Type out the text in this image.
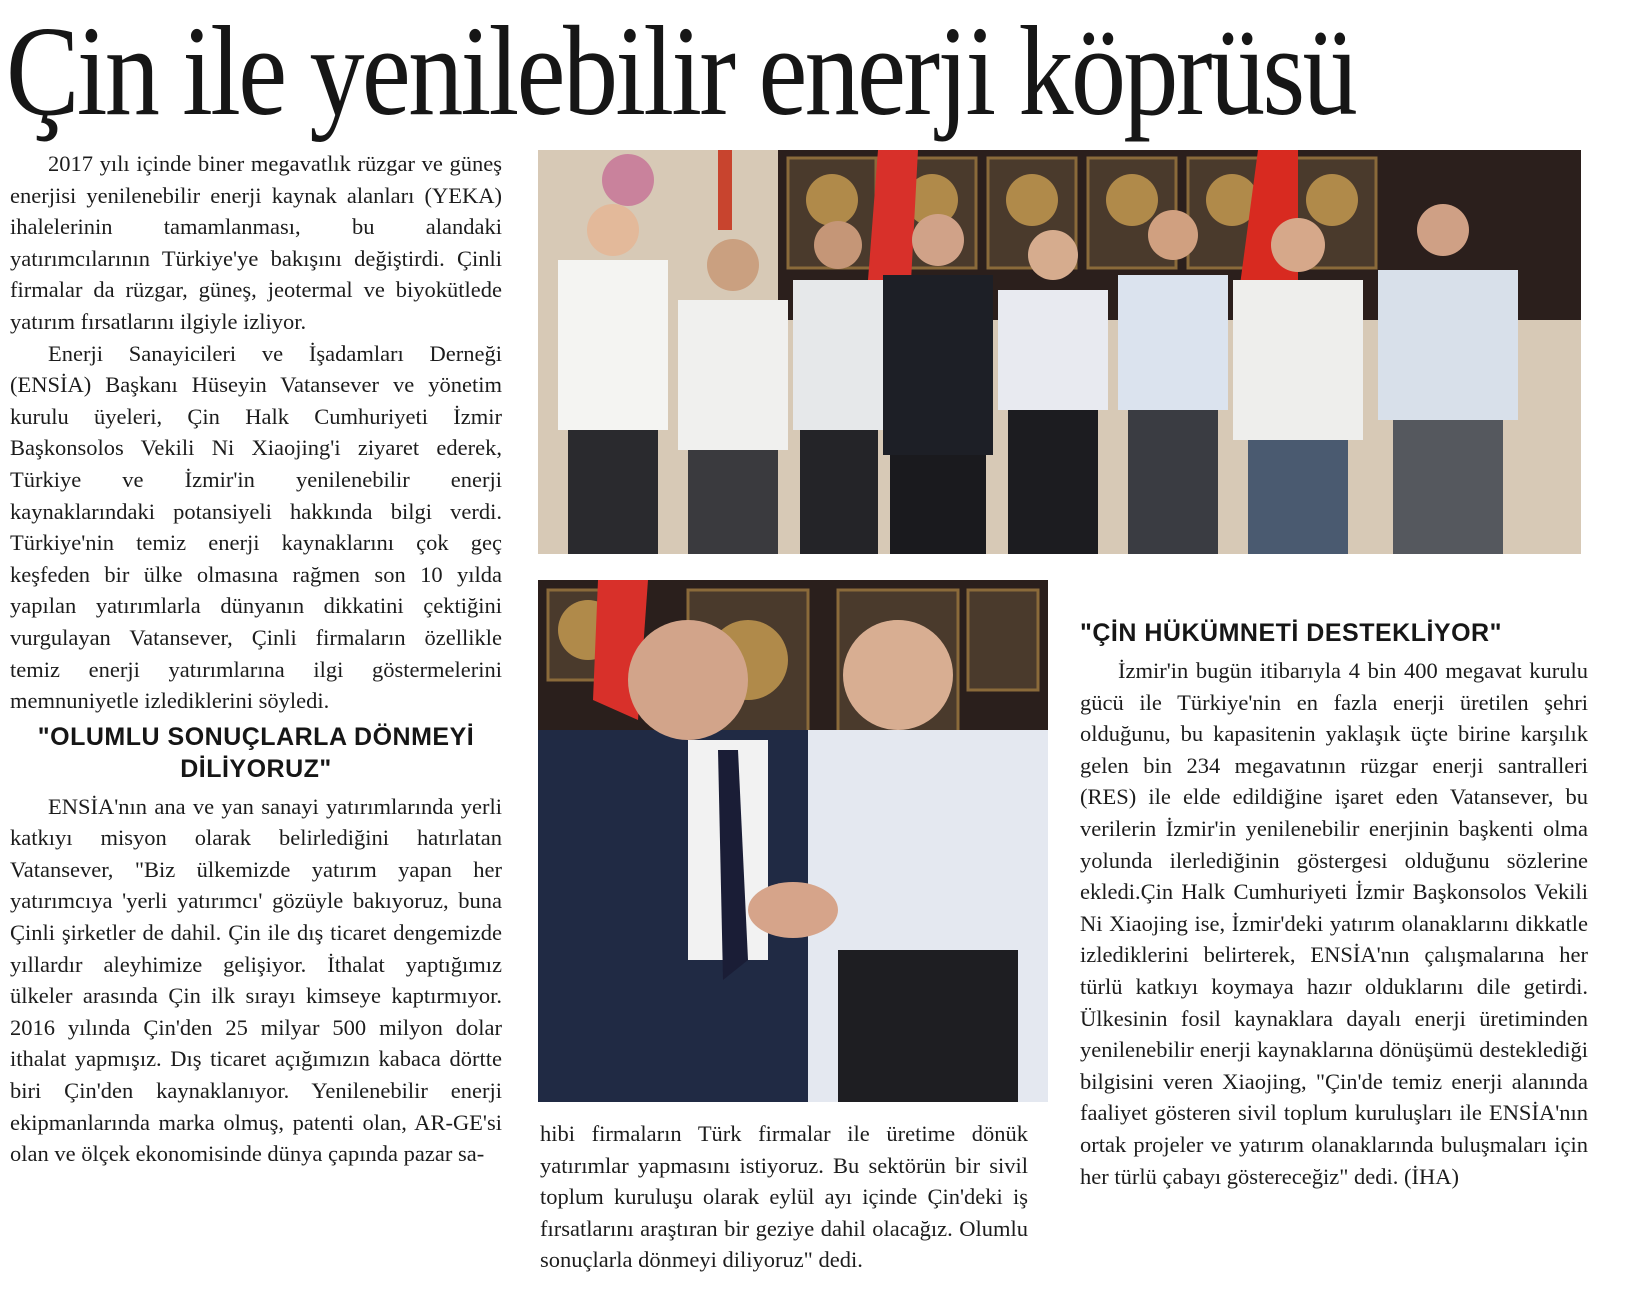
Çin ile yenilebilir enerji köprüsü

2017 yılı içinde biner megavatlık rüzgar ve güneş enerjisi yenilenebilir enerji kaynak alanları (YEKA) ihalelerinin tamamlanması, bu alandaki yatırımcılarının Türkiye'ye bakışını değiştirdi. Çinli firmalar da rüzgar, güneş, jeotermal ve biyokütlede yatırım fırsatlarını ilgiyle izliyor.

Enerji Sanayicileri ve İşadamları Derneği (ENSİA) Başkanı Hüseyin Vatansever ve yönetim kurulu üyeleri, Çin Halk Cumhuriyeti İzmir Başkonsolos Vekili Ni Xiaojing'i ziyaret ederek, Türkiye ve İzmir'in yenilenebilir enerji kaynaklarındaki potansiyeli hakkında bilgi verdi. Türkiye'nin temiz enerji kaynaklarını çok geç keşfeden bir ülke olmasına rağmen son 10 yılda yapılan yatırımlarla dünyanın dikkatini çektiğini vurgulayan Vatansever, Çinli firmaların özellikle temiz enerji yatırımlarına ilgi göstermelerini memnuniyetle izlediklerini söyledi.

"OLUMLU SONUÇLARLA DÖNMEYİ DİLİYORUZ"

ENSİA'nın ana ve yan sanayi yatırımlarında yerli katkıyı misyon olarak belirlediğini hatırlatan Vatansever, "Biz ülkemizde yatırım yapan her yatırımcıya 'yerli yatırımcı' gözüyle bakıyoruz, buna Çinli şirketler de dahil. Çin ile dış ticaret dengemizde yıllardır aleyhimize gelişiyor. İthalat yaptığımız ülkeler arasında Çin ilk sırayı kimseye kaptırmıyor. 2016 yılında Çin'den 25 milyar 500 milyon dolar ithalat yapmışız. Dış ticaret açığımızın kabaca dörtte biri Çin'den kaynaklanıyor. Yenilenebilir enerji ekipmanlarında marka olmuş, patenti olan, AR-GE'si olan ve ölçek ekonomisinde dünya çapında pazar sa-

hibi firmaların Türk firmalar ile üretime dönük yatırımlar yapmasını istiyoruz. Bu sektörün bir sivil toplum kuruluşu olarak eylül ayı içinde Çin'deki iş fırsatlarını araştıran bir geziye dahil olacağız. Olumlu sonuçlarla dönmeyi diliyoruz" dedi.

"ÇİN HÜKÜMNETİ DESTEKLİYOR"

İzmir'in bugün itibarıyla 4 bin 400 megavat kurulu gücü ile Türkiye'nin en fazla enerji üretilen şehri olduğunu, bu kapasitenin yaklaşık üçte birine karşılık gelen bin 234 megavatının rüzgar enerji santralleri (RES) ile elde edildiğine işaret eden Vatansever, bu verilerin İzmir'in yenilenebilir enerjinin başkenti olma yolunda ilerlediğinin göstergesi olduğunu sözlerine ekledi.Çin Halk Cumhuriyeti İzmir Başkonsolos Vekili Ni Xiaojing ise, İzmir'deki yatırım olanaklarını dikkatle izlediklerini belirterek, ENSİA'nın çalışmalarına her türlü katkıyı koymaya hazır olduklarını dile getirdi. Ülkesinin fosil kaynaklara dayalı enerji üretiminden yenilenebilir enerji kaynaklarına dönüşümü desteklediği bilgisini veren Xiaojing, "Çin'de temiz enerji alanında faaliyet gösteren sivil toplum kuruluşları ile ENSİA'nın ortak projeler ve yatırım olanaklarında buluşmaları için her türlü çabayı göstereceğiz" dedi. (İHA)
